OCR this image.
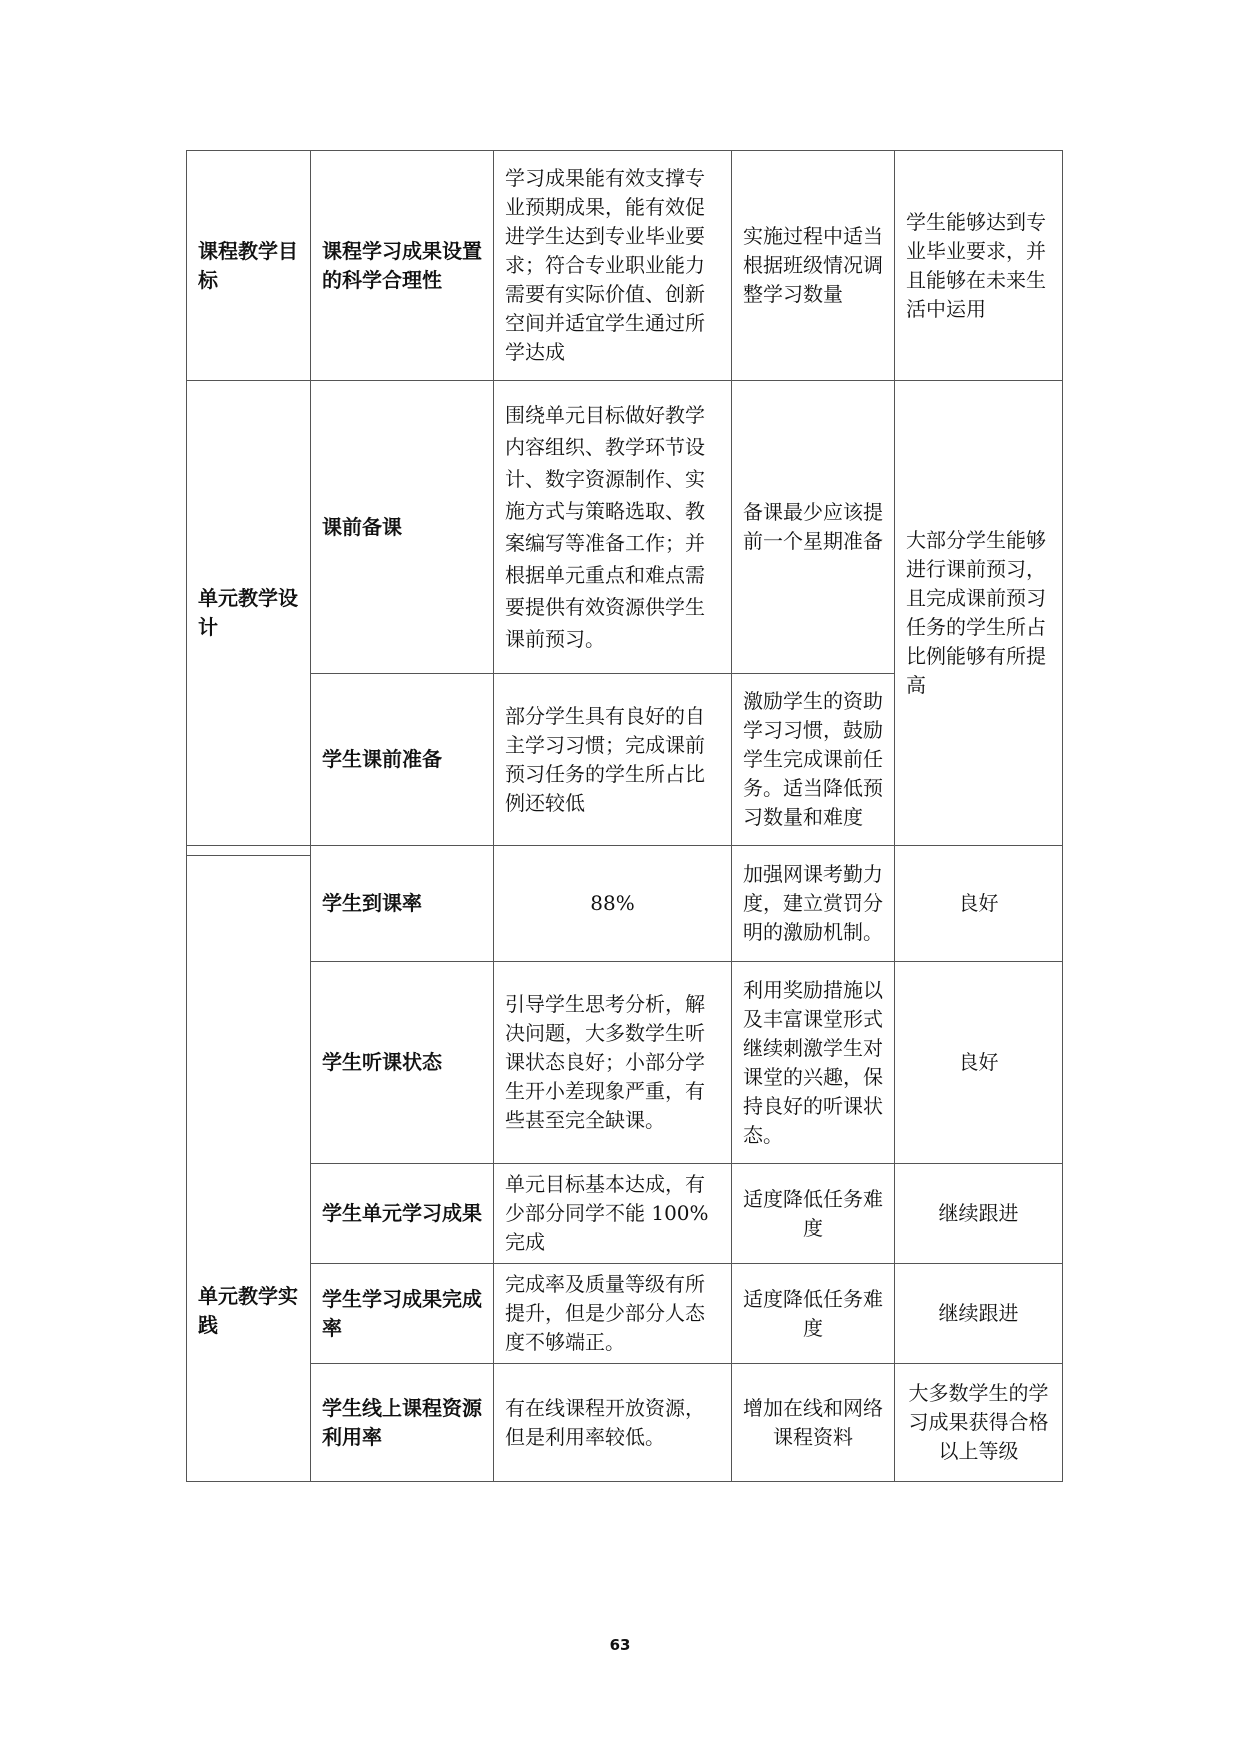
课程教学目标	课程学习成果设置的科学合理性	学习成果能有效支撑专业预期成果，能有效促进学生达到专业毕业要求；符合专业职业能力需要有实际价值、创新空间并适宜学生通过所学达成	实施过程中适当根据班级情况调整学习数量	学生能够达到专业毕业要求，并且能够在未来生活中运用
单元教学设计	课前备课	围绕单元目标做好教学内容组织、教学环节设计、数字资源制作、实施方式与策略选取、教案编写等准备工作；并根据单元重点和难点需要提供有效资源供学生课前预习。	备课最少应该提前一个星期准备	大部分学生能够进行课前预习，且完成课前预习任务的学生所占比例能够有所提高
	学生课前准备	部分学生具有良好的自主学习习惯；完成课前预习任务的学生所占比例还较低	激励学生的资助学习习惯，鼓励学生完成课前任务。适当降低预习数量和难度	
单元教学实践	学生到课率	88%	加强网课考勤力度，建立赏罚分明的激励机制。	良好
	学生听课状态	引导学生思考分析，解决问题，大多数学生听课状态良好；小部分学生开小差现象严重，有些甚至完全缺课。	利用奖励措施以及丰富课堂形式继续刺激学生对课堂的兴趣，保持良好的听课状态。	良好
	学生单元学习成果	单元目标基本达成，有少部分同学不能 100%完成	适度降低任务难度	继续跟进
	学生学习成果完成率	完成率及质量等级有所提升，但是少部分人态度不够端正。	适度降低任务难度	继续跟进
	学生线上课程资源利用率	有在线课程开放资源，但是利用率较低。	增加在线和网络课程资料	大多数学生的学习成果获得合格以上等级
63
